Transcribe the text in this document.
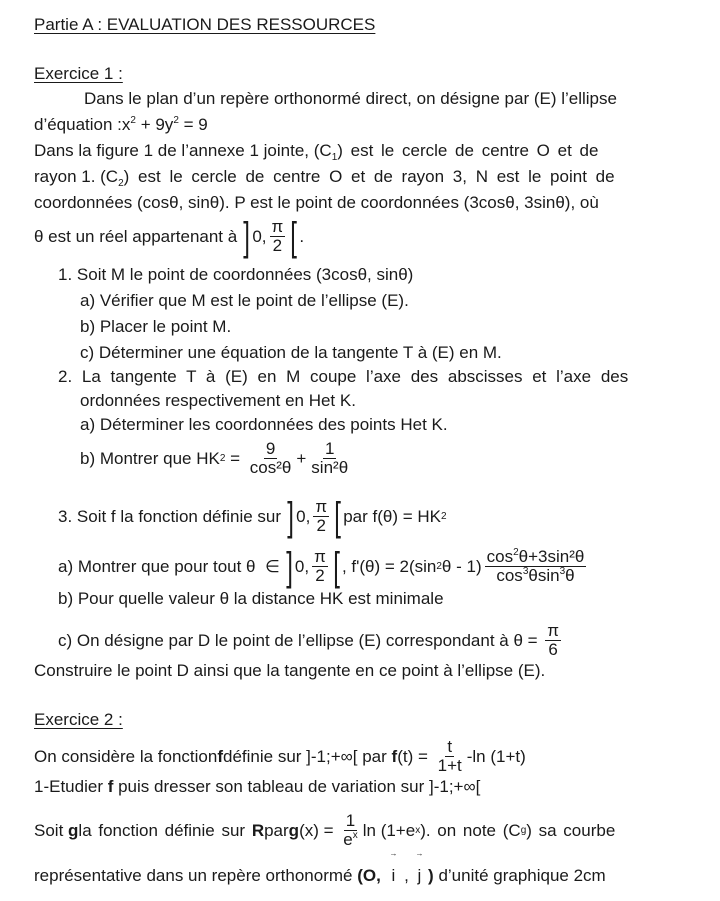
Partie A : EVALUATION DES RESSOURCES
Exercice 1 :
Dans le plan d’un repère orthonormé direct, on désigne par (E) l’ellipse
d’équation $:x^2 + 9y^2 = 9$
Dans la figure 1 de l’annexe 1 jointe, $(C_1)$ est le cercle de centre O et de
rayon 1. $(C_2)$ est le cercle de centre O et de rayon 3, N est le point de
coordonnées (cosθ, sinθ). P est le point de coordonnées (3cosθ, 3sinθ), où
θ est un réel appartenant à ] 0, $\frac{\pi}{2}$ [ .
1. Soit M le point de coordonnées (3cosθ, sinθ)
a) Vérifier que M est le point de l’ellipse (E).
b) Placer le point M.
c) Déterminer une équation de la tangente T à (E) en M.
2. La tangente T à (E) en M coupe l’axe des abscisses et l’axe des
ordonnées respectivement en Het K.
a) Déterminer les coordonnées des points Het K.
b) Montrer que HK $2 = \frac{9}{\text{cos²θ}} + \frac{1}{\text{sin²θ}}$
3. Soit f la fonction définie sur ] 0, $\frac{\pi}{2}$ [ par f(θ) = HK 2
a) Montrer que pour tout θ  ∈ ] 0, $\frac{\pi}{2}$ [ , f'(θ) = 2(sin 2 θ - $1) \frac{\cos^2\theta+3\sin^2\theta}{\cos^3\theta\sin^3\theta}$
b) Pour quelle valeur θ la distance HK est minimale
c) On désigne par D le point de l’ellipse (E) correspondant à $\theta = \frac{\pi}{6}$
Construire le point D ainsi que la tangente en ce point à l’ellipse (E).
Exercice 2 :
On considère la fonction f définie sur ]-1;+∞[ par f $(t) = \frac{t}{1+t} -\ln$ (1+t)
1-Etudier f puis dresser son tableau de variation sur ]-1;+∞[
Soit g la fonction définie sur R par g $(x) = \frac{1}{e^x}$ ln (1+e x ). on note (C g ) sa courbe
représentative dans un repère orthonormé (O, → i , → j ) d’unité graphique 2cm
